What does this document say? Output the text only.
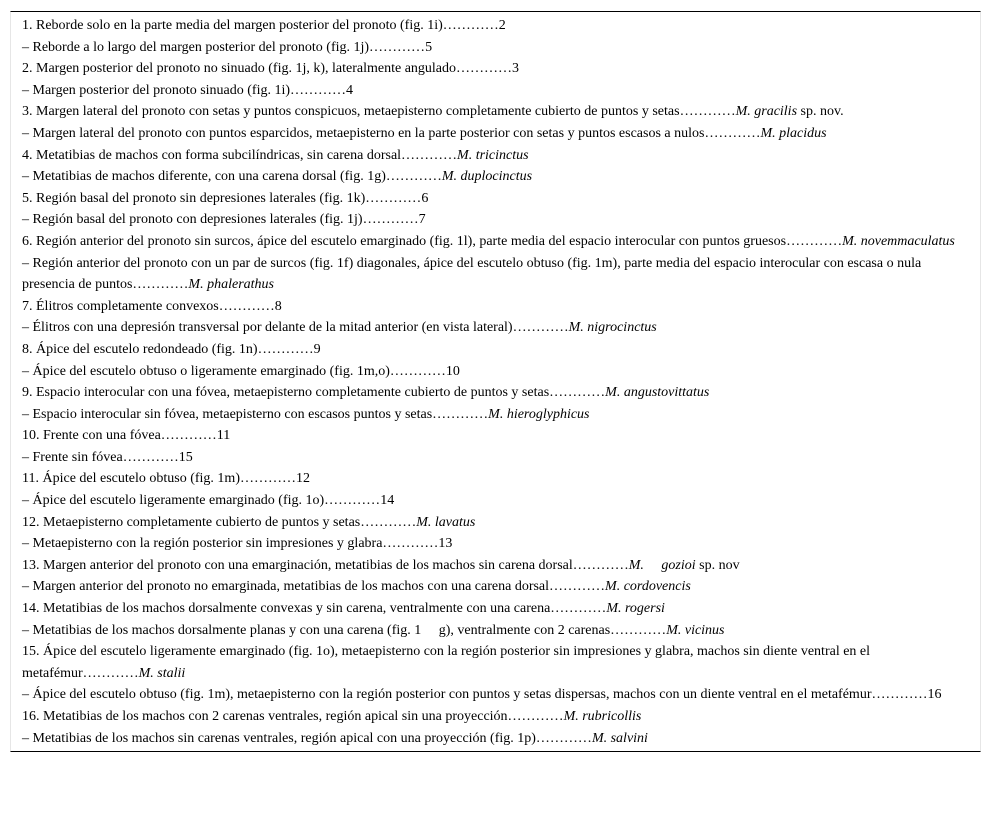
1. Reborde solo en la parte media del margen posterior del pronoto (fig. 1i)…………2
– Reborde a lo largo del margen posterior del pronoto (fig. 1j)…………5
2. Margen posterior del pronoto no sinuado (fig. 1j, k), lateralmente angulado…………3
– Margen posterior del pronoto sinuado (fig. 1i)…………4
3. Margen lateral del pronoto con setas y puntos conspicuos, metaepisterno completamente cubierto de puntos y setas…………M. gracilis sp. nov.
– Margen lateral del pronoto con puntos esparcidos, metaepisterno en la parte posterior con setas y puntos escasos a nulos…………M. placidus
4. Metatibias de machos con forma subcilíndricas, sin carena dorsal…………M. tricinctus
– Metatibias de machos diferente, con una carena dorsal (fig. 1g)…………M. duplocinctus
5. Región basal del pronoto sin depresiones laterales (fig. 1k)…………6
– Región basal del pronoto con depresiones laterales (fig. 1j)…………7
6. Región anterior del pronoto sin surcos, ápice del escutelo emarginado (fig. 1l), parte media del espacio interocular con puntos gruesos…………M. novemmaculatus
– Región anterior del pronoto con un par de surcos (fig. 1f) diagonales, ápice del escutelo obtuso (fig. 1m), parte media del espacio interocular con escasa o nula presencia de puntos…………M. phalerathus
7. Élitros completamente convexos…………8
– Élitros con una depresión transversal por delante de la mitad anterior (en vista lateral)…………M. nigrocinctus
8. Ápice del escutelo redondeado (fig. 1n)…………9
– Ápice del escutelo obtuso o ligeramente emarginado (fig. 1m,o)…………10
9. Espacio interocular con una fóvea, metaepisterno completamente cubierto de puntos y setas…………M. angustovittatus
– Espacio interocular sin fóvea, metaepisterno con escasos puntos y setas…………M. hieroglyphicus
10. Frente con una fóvea…………11
– Frente sin fóvea…………15
11. Ápice del escutelo obtuso (fig. 1m)…………12
– Ápice del escutelo ligeramente emarginado (fig. 1o)…………14
12. Metaepisterno completamente cubierto de puntos y setas…………M. lavatus
– Metaepisterno con la región posterior sin impresiones y glabra…………13
13. Margen anterior del pronoto con una emarginación, metatibias de los machos sin carena dorsal…………M.     gozioi sp. nov
– Margen anterior del pronoto no emarginada, metatibias de los machos con una carena dorsal…………M. cordovencis
14. Metatibias de los machos dorsalmente convexas y sin carena, ventralmente con una carena…………M. rogersi
– Metatibias de los machos dorsalmente planas y con una carena (fig. 1     g), ventralmente con 2 carenas…………M. vicinus
15. Ápice del escutelo ligeramente emarginado (fig. 1o), metaepisterno con la región posterior sin impresiones y glabra, machos sin diente ventral en el metafémur…………M. stalii
– Ápice del escutelo obtuso (fig. 1m), metaepisterno con la región posterior con puntos y setas dispersas, machos con un diente ventral en el metafémur…………16
16. Metatibias de los machos con 2 carenas ventrales, región apical sin una proyección…………M. rubricollis
– Metatibias de los machos sin carenas ventrales, región apical con una proyección (fig. 1p)…………M. salvini
